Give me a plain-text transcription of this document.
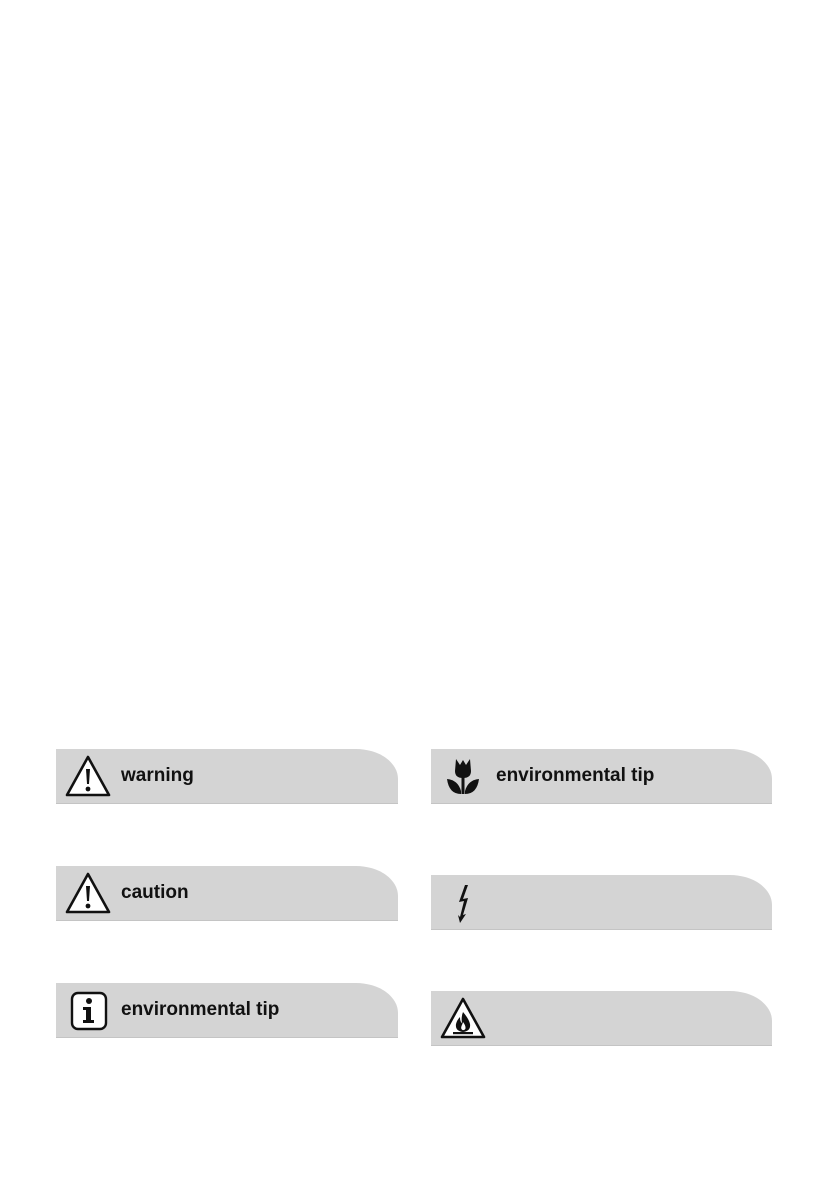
warning
caution
environmental tip
environmental tip
